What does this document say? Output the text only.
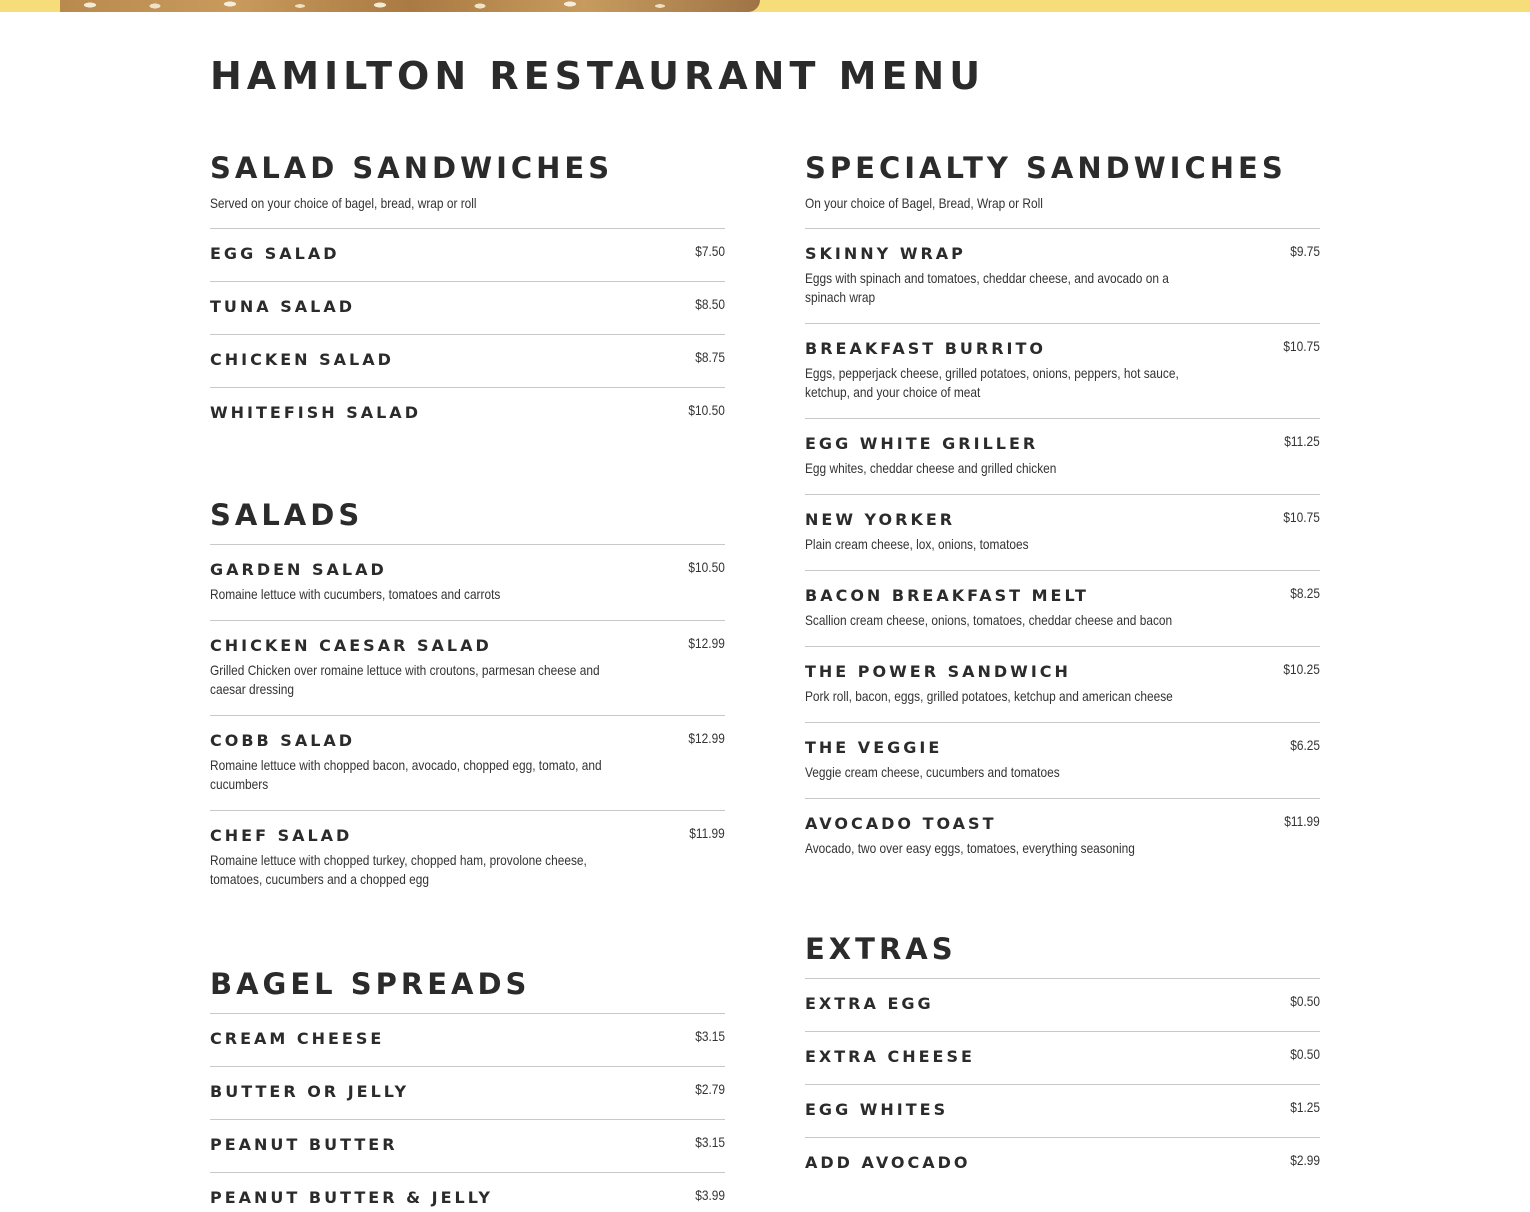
HAMILTON RESTAURANT MENU
SALAD SANDWICHES
Served on your choice of bagel, bread, wrap or roll
EGG SALAD	$7.50
TUNA SALAD	$8.50
CHICKEN SALAD	$8.75
WHITEFISH SALAD	$10.50
SALADS
GARDEN SALAD	$10.50
Romaine lettuce with cucumbers, tomatoes and carrots
CHICKEN CAESAR SALAD	$12.99
Grilled Chicken over romaine lettuce with croutons, parmesan cheese and caesar dressing
COBB SALAD	$12.99
Romaine lettuce with chopped bacon, avocado, chopped egg, tomato, and cucumbers
CHEF SALAD	$11.99
Romaine lettuce with chopped turkey, chopped ham, provolone cheese, tomatoes, cucumbers and a chopped egg
BAGEL SPREADS
CREAM CHEESE	$3.15
BUTTER OR JELLY	$2.79
PEANUT BUTTER	$3.15
PEANUT BUTTER & JELLY	$3.99
SPECIALTY SANDWICHES
On your choice of Bagel, Bread, Wrap or Roll
SKINNY WRAP	$9.75
Eggs with spinach and tomatoes, cheddar cheese, and avocado on a spinach wrap
BREAKFAST BURRITO	$10.75
Eggs, pepperjack cheese, grilled potatoes, onions, peppers, hot sauce, ketchup, and your choice of meat
EGG WHITE GRILLER	$11.25
Egg whites, cheddar cheese and grilled chicken
NEW YORKER	$10.75
Plain cream cheese, lox, onions, tomatoes
BACON BREAKFAST MELT	$8.25
Scallion cream cheese, onions, tomatoes, cheddar cheese and bacon
THE POWER SANDWICH	$10.25
Pork roll, bacon, eggs, grilled potatoes, ketchup and american cheese
THE VEGGIE	$6.25
Veggie cream cheese, cucumbers and tomatoes
AVOCADO TOAST	$11.99
Avocado, two over easy eggs, tomatoes, everything seasoning
EXTRAS
EXTRA EGG	$0.50
EXTRA CHEESE	$0.50
EGG WHITES	$1.25
ADD AVOCADO	$2.99
